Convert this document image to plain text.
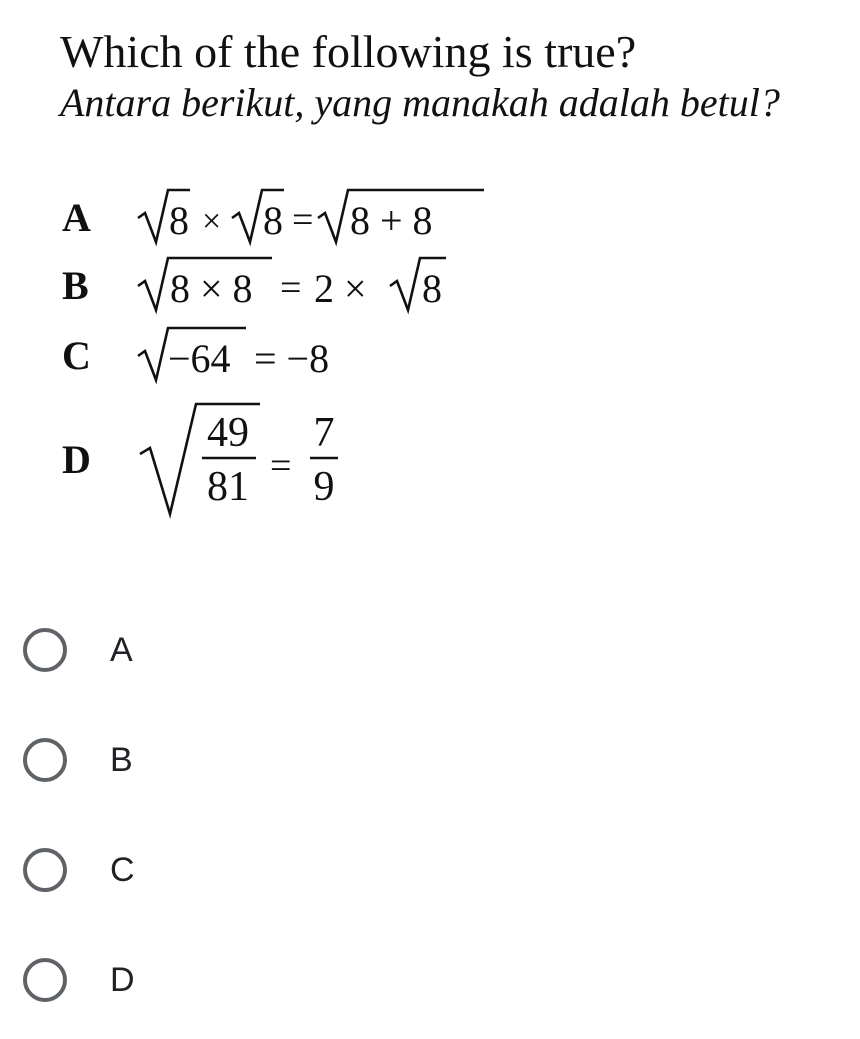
Which of the following is true?
Antara berikut, yang manakah adalah betul?
A 8 × 8 = 8 + 8
B 8 × 8 = 2 × 8
C −64 = −8
D
49
81 =
7
9
A
B
C
D
